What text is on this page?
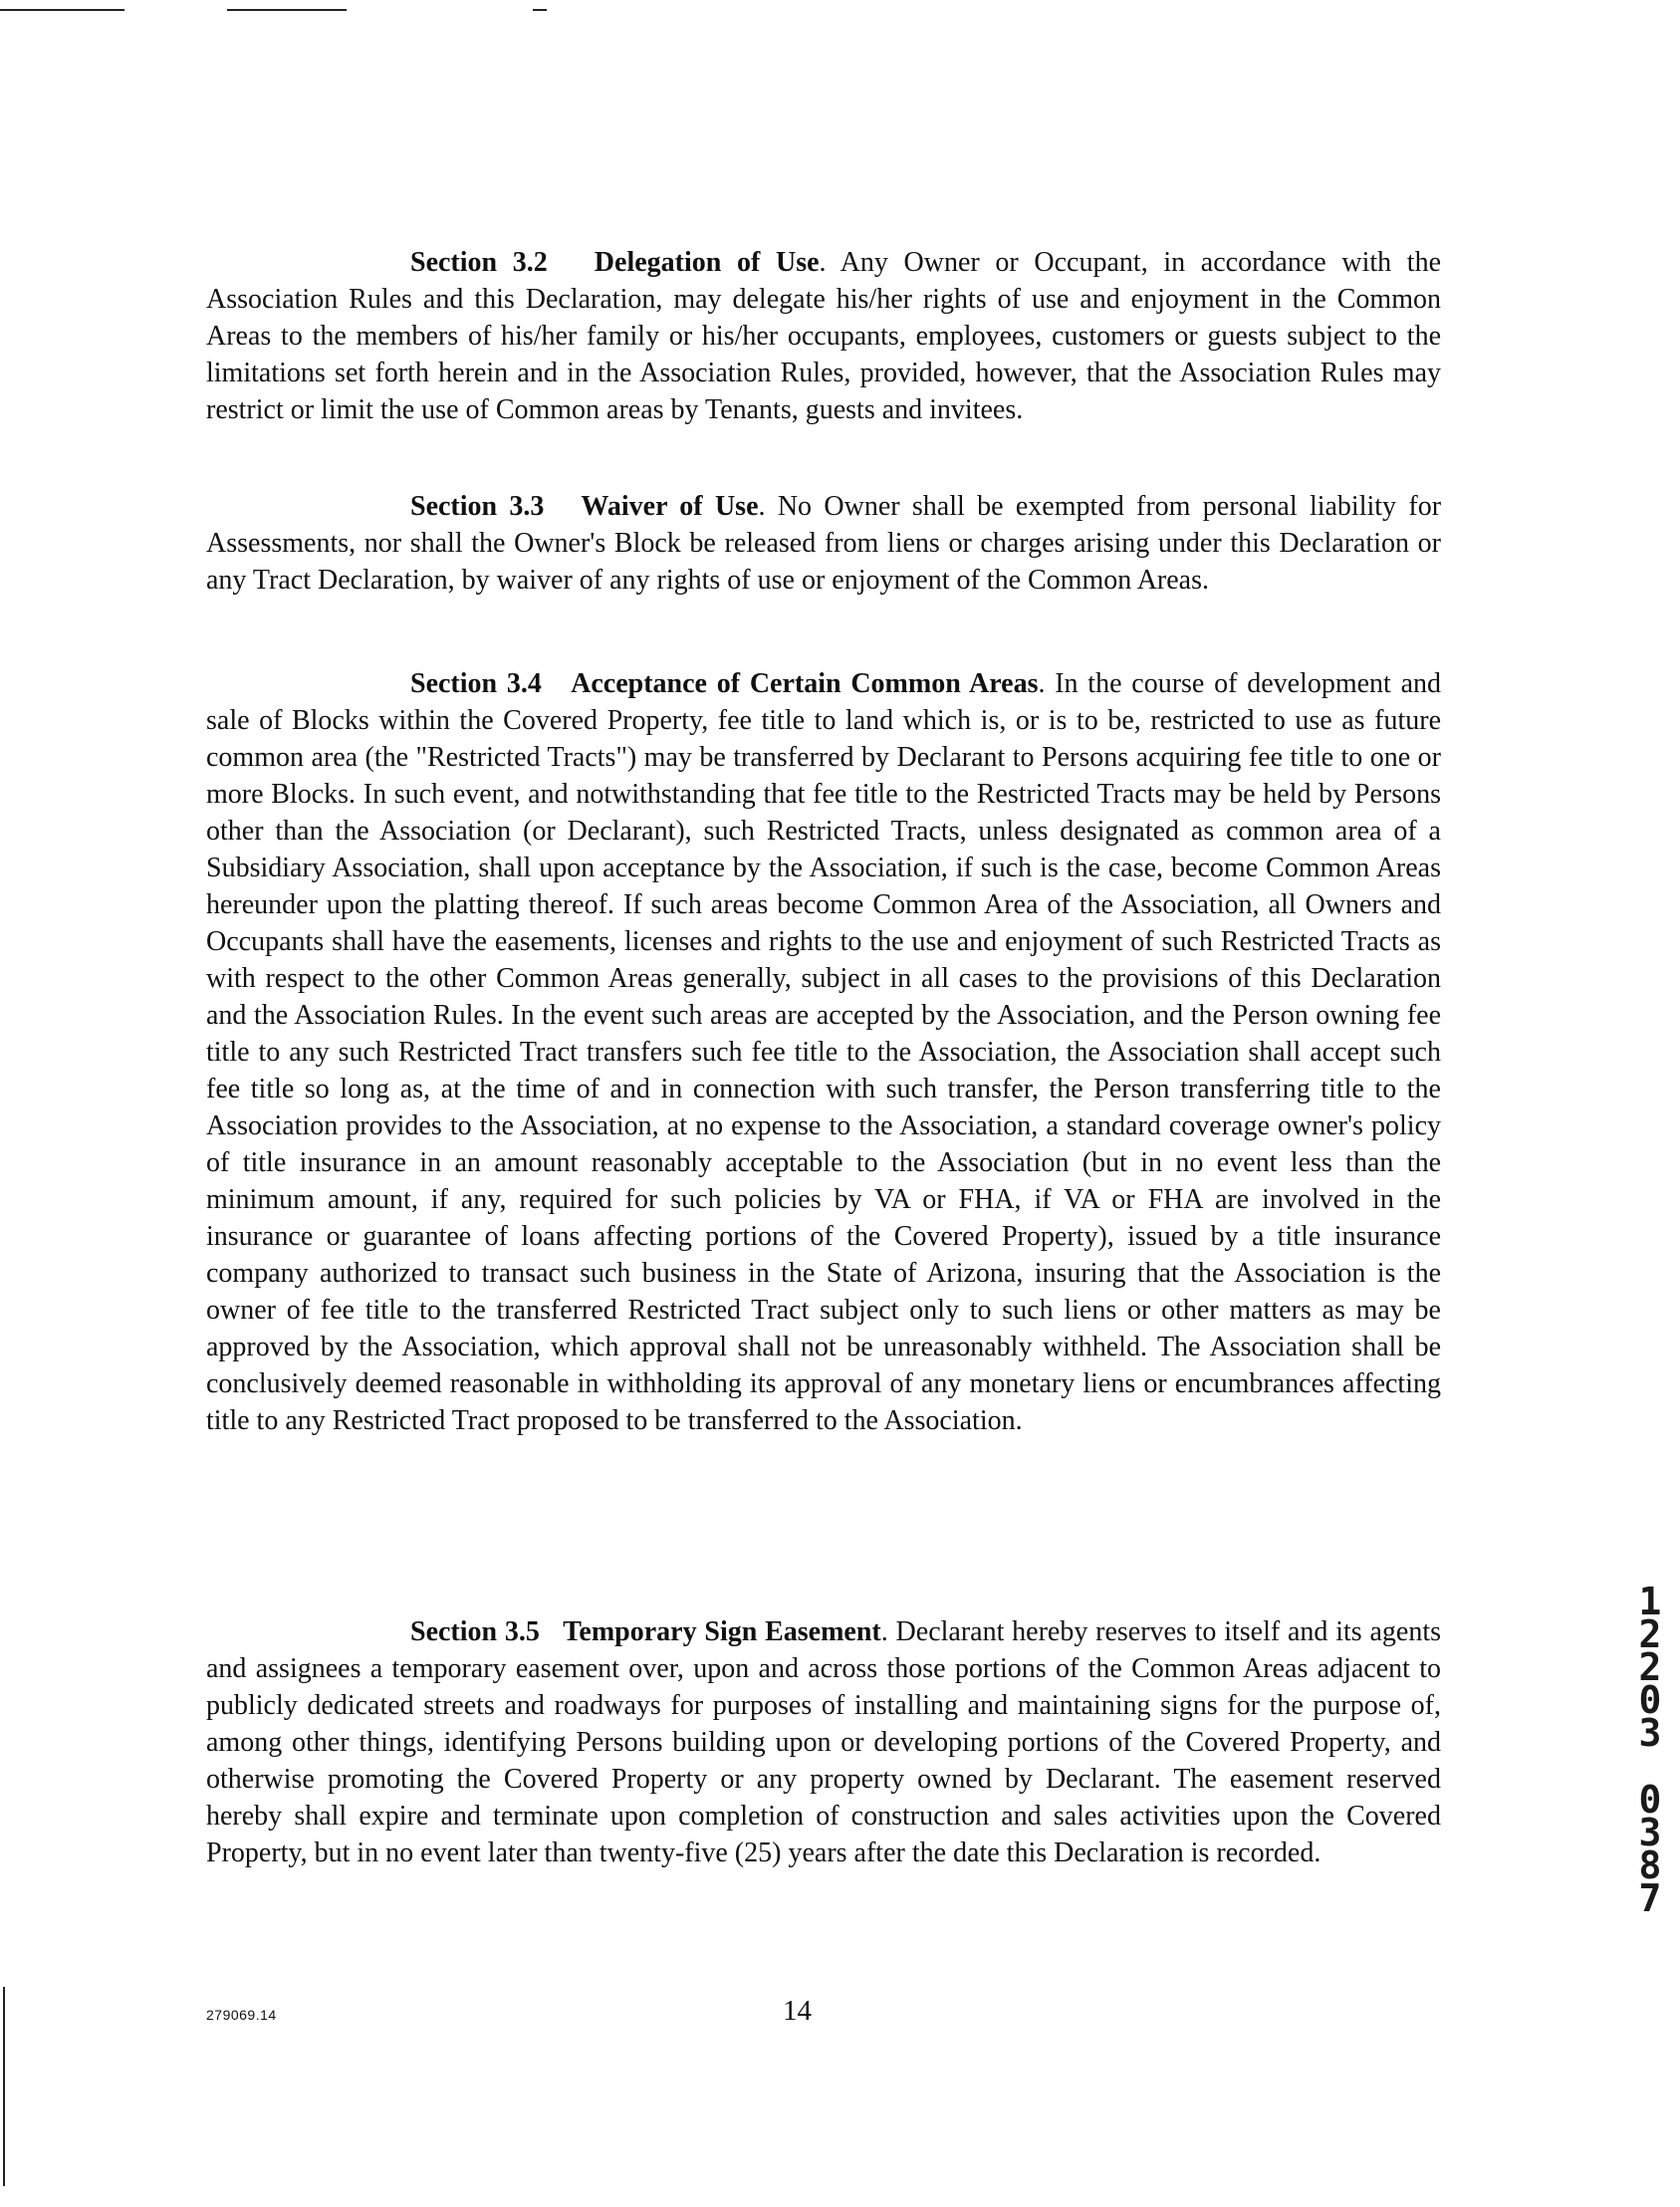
Section 3.2 Delegation of Use. Any Owner or Occupant, in accordance with the Association Rules and this Declaration, may delegate his/her rights of use and enjoyment in the Common Areas to the members of his/her family or his/her occupants, employees, customers or guests subject to the limitations set forth herein and in the Association Rules, provided, however, that the Association Rules may restrict or limit the use of Common areas by Tenants, guests and invitees.

Section 3.3 Waiver of Use. No Owner shall be exempted from personal liability for Assessments, nor shall the Owner's Block be released from liens or charges arising under this Declaration or any Tract Declaration, by waiver of any rights of use or enjoyment of the Common Areas.

Section 3.4 Acceptance of Certain Common Areas. In the course of development and sale of Blocks within the Covered Property, fee title to land which is, or is to be, restricted to use as future common area (the "Restricted Tracts") may be transferred by Declarant to Persons acquiring fee title to one or more Blocks. In such event, and notwithstanding that fee title to the Restricted Tracts may be held by Persons other than the Association (or Declarant), such Restricted Tracts, unless designated as common area of a Subsidiary Association, shall upon acceptance by the Association, if such is the case, become Common Areas hereunder upon the platting thereof. If such areas become Common Area of the Association, all Owners and Occupants shall have the easements, licenses and rights to the use and enjoyment of such Restricted Tracts as with respect to the other Common Areas generally, subject in all cases to the provisions of this Declaration and the Association Rules. In the event such areas are accepted by the Association, and the Person owning fee title to any such Restricted Tract transfers such fee title to the Association, the Association shall accept such fee title so long as, at the time of and in connection with such transfer, the Person transferring title to the Association provides to the Association, at no expense to the Association, a standard coverage owner's policy of title insurance in an amount reasonably acceptable to the Association (but in no event less than the minimum amount, if any, required for such policies by VA or FHA, if VA or FHA are involved in the insurance or guarantee of loans affecting portions of the Covered Property), issued by a title insurance company authorized to transact such business in the State of Arizona, insuring that the Association is the owner of fee title to the transferred Restricted Tract subject only to such liens or other matters as may be approved by the Association, which approval shall not be unreasonably withheld. The Association shall be conclusively deemed reasonable in withholding its approval of any monetary liens or encumbrances affecting title to any Restricted Tract proposed to be transferred to the Association.

Section 3.5 Temporary Sign Easement. Declarant hereby reserves to itself and its agents and assignees a temporary easement over, upon and across those portions of the Common Areas adjacent to publicly dedicated streets and roadways for purposes of installing and maintaining signs for the purpose of, among other things, identifying Persons building upon or developing portions of the Covered Property, and otherwise promoting the Covered Property or any property owned by Declarant. The easement reserved hereby shall expire and terminate upon completion of construction and sales activities upon the Covered Property, but in no event later than twenty-five (25) years after the date this Declaration is recorded.

279069.14	14
1
2
2
0
3
0
3
8
7
